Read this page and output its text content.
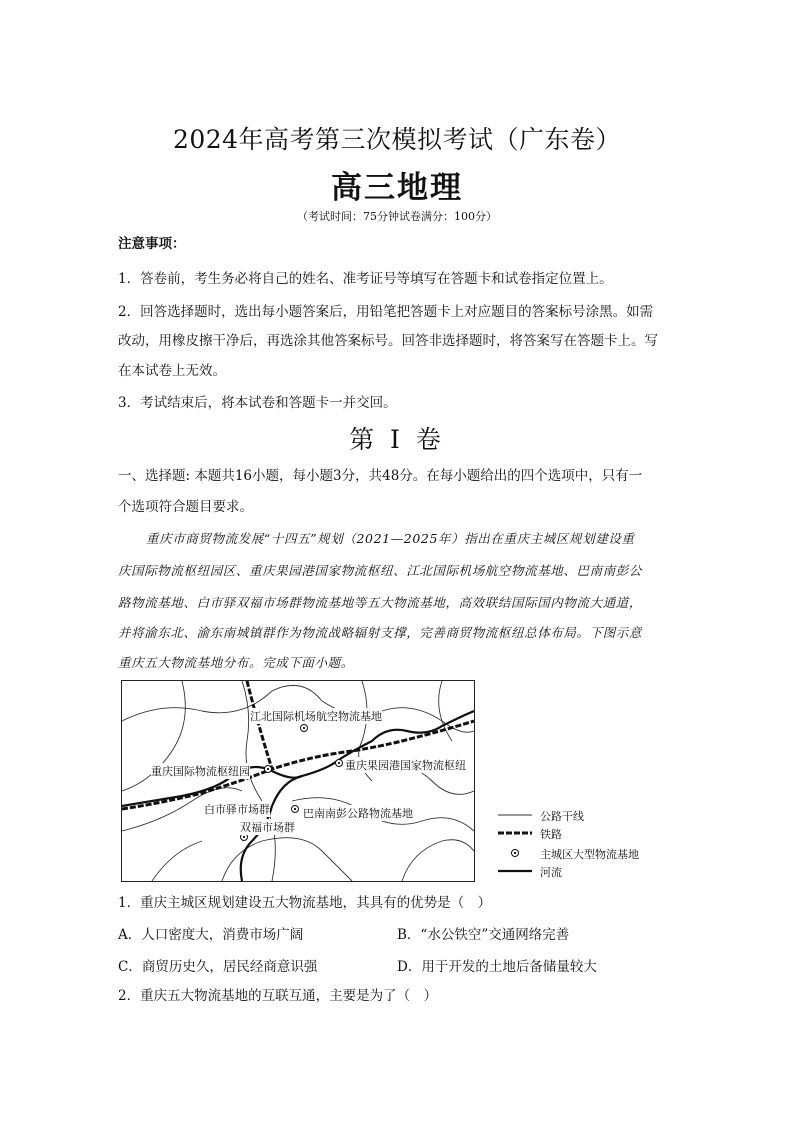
2024年高考第三次模拟考试（广东卷）
高三地理
（考试时间：75分钟试卷满分：100分）
注意事项：
1．答卷前，考生务必将自己的姓名、准考证号等填写在答题卡和试卷指定位置上。
2．回答选择题时，选出每小题答案后，用铅笔把答题卡上对应题目的答案标号涂黑。如需
改动，用橡皮擦干净后，再选涂其他答案标号。回答非选择题时，将答案写在答题卡上。写
在本试卷上无效。
3．考试结束后，将本试卷和答题卡一并交回。
第 I 卷
一、选择题: 本题共16小题，每小题3分，共48分。在每小题给出的四个选项中，只有一
个选项符合题目要求。
重庆市商贸物流发展“十四五”规划（2021—2025年）指出在重庆主城区规划建设重
庆国际物流枢纽园区、重庆果园港国家物流枢纽、江北国际机场航空物流基地、巴南南彭公
路物流基地、白市驿双福市场群物流基地等五大物流基地，高效联结国际国内物流大通道，
并将渝东北、渝东南城镇群作为物流战略辐射支撑，完善商贸物流枢纽总体布局。下图示意
重庆五大物流基地分布。完成下面小题。
江北国际机场航空物流基地
重庆国际物流枢纽园	重庆果园港国家物流枢纽
白市驿市场群	巴南南彭公路物流基地
双福市场群
公路干线
铁路
主城区大型物流基地
河流
1．重庆主城区规划建设五大物流基地，其具有的优势是（　）
A．人口密度大，消费市场广阔	B．“水公铁空”交通网络完善
C．商贸历史久，居民经商意识强	D．用于开发的土地后备储量较大
2．重庆五大物流基地的互联互通，主要是为了（　）
